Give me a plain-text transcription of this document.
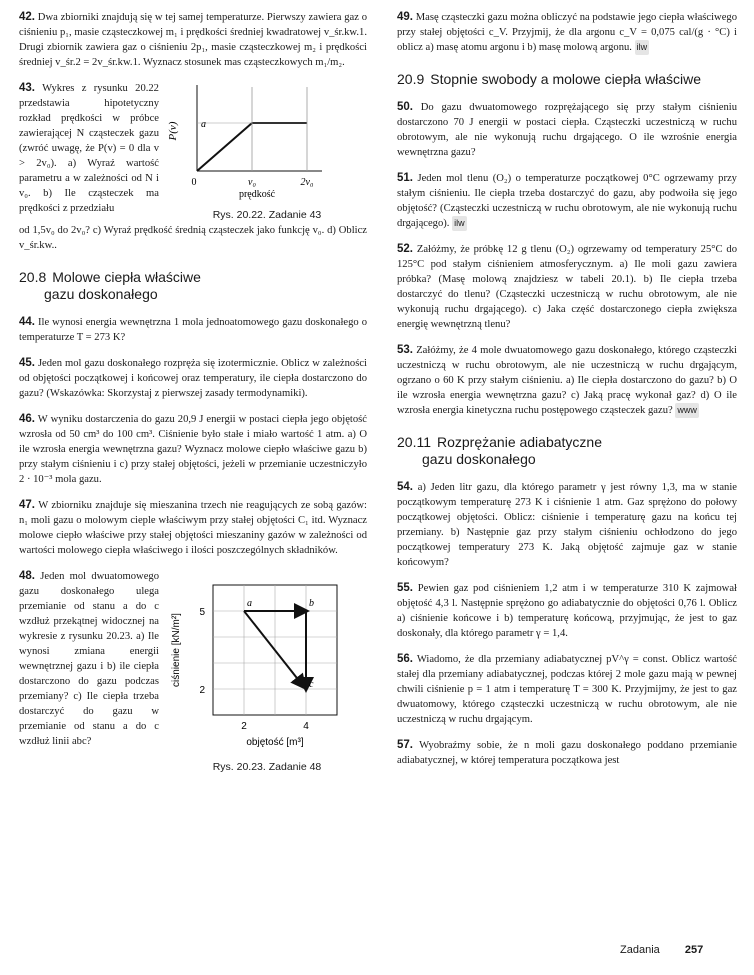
42. Dwa zbiorniki znajdują się w tej samej temperaturze. Pierwszy zawiera gaz o ciśnieniu p₁, masie cząsteczkowej m₁ i prędkości średniej kwadratowej v_śr.kw.1. Drugi zbiornik zawiera gaz o ciśnieniu 2p₁, masie cząsteczkowej m₂ i prędkości średniej v_śr.2 = 2v_śr.kw.1. Wyznacz stosunek mas cząsteczkowych m₁/m₂.

43. Wykres z rysunku 20.22 przedstawia hipotetyczny rozkład prędkości w próbce zawierającej N cząsteczek gazu (zwróć uwagę, że P(v) = 0 dla v > 2v₀). a) Wyraź wartość parametru a w zależności od N i v₀. b) Ile cząsteczek ma prędkości z przedziału
P(v) a
0	v₀	2v₀
prędkość
Rys. 20.22. Zadanie 43
od 1,5v₀ do 2v₀? c) Wyraź prędkość średnią cząsteczek jako funkcję v₀. d) Oblicz v_śr.kw..
20.8 Molowe ciepła właściwe
gazu doskonałego

44. Ile wynosi energia wewnętrzna 1 mola jednoatomowego gazu doskonałego o temperaturze T = 273 K?

45. Jeden mol gazu doskonałego rozpręża się izotermicznie. Oblicz w zależności od objętości początkowej i końcowej oraz temperatury, ile ciepła dostarczono do gazu? (Wskazówka: Skorzystaj z pierwszej zasady termodynamiki).

46. W wyniku dostarczenia do gazu 20,9 J energii w postaci ciepła jego objętość wzrosła od 50 cm³ do 100 cm³. Ciśnienie było stałe i miało wartość 1 atm. a) O ile wzrosła energia wewnętrzna gazu? Wyznacz molowe ciepło właściwe gazu b) przy stałym ciśnieniu i c) przy stałej objętości, jeżeli w przemianie uczestniczyło 2 · 10⁻³ mola gazu.

47. W zbiorniku znajduje się mieszanina trzech nie reagujących ze sobą gazów: n₁ moli gazu o molowym cieple właściwym przy stałej objętości C₁ itd. Wyznacz molowe ciepło właściwe przy stałej objętości mieszaniny gazów w zależności od wartości molowego ciepła właściwego i ilości poszczególnych składników.

48. Jeden mol dwuatomowego gazu doskonałego ulega przemianie od stanu a do c wzdłuż przekątnej widocznej na wykresie z rysunku 20.23. a) Ile wynosi zmiana energii wewnętrznej gazu i b) ile ciepła dostarczono do gazu podczas przemiany? c) Ile ciepła trzeba dostarczyć do gazu w przemianie od stanu a do c wzdłuż linii abc?
ciśnienie [kN/m²]
5
2
2	4
objętość [m³]
a	b
c
Rys. 20.23. Zadanie 48

49. Masę cząsteczki gazu można obliczyć na podstawie jego ciepła właściwego przy stałej objętości c_V. Przyjmij, że dla argonu c_V = 0,075 cal/(g · °C) i oblicz a) masę atomu argonu i b) masę molową argonu. ilw

20.9 Stopnie swobody a molowe ciepła właściwe

50. Do gazu dwuatomowego rozprężającego się przy stałym ciśnieniu dostarczono 70 J energii w postaci ciepła. Cząsteczki uczestniczą w ruchu obrotowym, ale nie wykonują ruchu drgającego. O ile wzrośnie energia wewnętrzna gazu?

51. Jeden mol tlenu (O₂) o temperaturze początkowej 0°C ogrzewamy przy stałym ciśnieniu. Ile ciepła trzeba dostarczyć do gazu, aby podwoiła się jego objętość? (Cząsteczki uczestniczą w ruchu obrotowym, ale nie wykonują ruchu drgającego). ilw

52. Załóżmy, że próbkę 12 g tlenu (O₂) ogrzewamy od temperatury 25°C do 125°C pod stałym ciśnieniem atmosferycznym. a) Ile moli gazu zawiera próbka? (Masę molową znajdziesz w tabeli 20.1). b) Ile ciepła trzeba dostarczyć do tlenu? (Cząsteczki uczestniczą w ruchu obrotowym, ale nie wykonują ruchu drgającego). c) Jaka część dostarczonego ciepła zwiększa energię wewnętrzną tlenu?

53. Załóżmy, że 4 mole dwuatomowego gazu doskonałego, którego cząsteczki uczestniczą w ruchu obrotowym, ale nie uczestniczą w ruchu drgającym, ogrzano o 60 K przy stałym ciśnieniu. a) Ile ciepła dostarczono do gazu? b) O ile wzrosła energia wewnętrzna gazu? c) Jaką pracę wykonał gaz? d) O ile wzrosła energia kinetyczna ruchu postępowego cząsteczek gazu? www

20.11 Rozprężanie adiabatyczne
gazu doskonałego

54. a) Jeden litr gazu, dla którego parametr γ jest równy 1,3, ma w stanie początkowym temperaturę 273 K i ciśnienie 1 atm. Gaz sprężono do połowy początkowej objętości. Oblicz: ciśnienie i temperaturę gazu na końcu tej przemiany. b) Następnie gaz przy stałym ciśnieniu ochłodzono do jego początkowej temperatury 273 K. Jaką objętość zajmuje gaz w stanie końcowym?

55. Pewien gaz pod ciśnieniem 1,2 atm i w temperaturze 310 K zajmował objętość 4,3 l. Następnie sprężono go adiabatycznie do objętości 0,76 l. Oblicz a) ciśnienie końcowe i b) temperaturę końcową, przyjmując, że jest to gaz doskonały, dla którego parametr γ = 1,4.

56. Wiadomo, że dla przemiany adiabatycznej pV^γ = const. Oblicz wartość stałej dla przemiany adiabatycznej, podczas której 2 mole gazu mają w pewnej chwili ciśnienie p = 1 atm i temperaturę T = 300 K. Przyjmijmy, że jest to gaz dwuatomowy, którego cząsteczki uczestniczą w ruchu obrotowym, ale nie uczestniczą w ruchu drgającym.

57. Wyobraźmy sobie, że n moli gazu doskonałego poddano przemianie adiabatycznej, w której temperatura początkowa jest

Zadania 257
